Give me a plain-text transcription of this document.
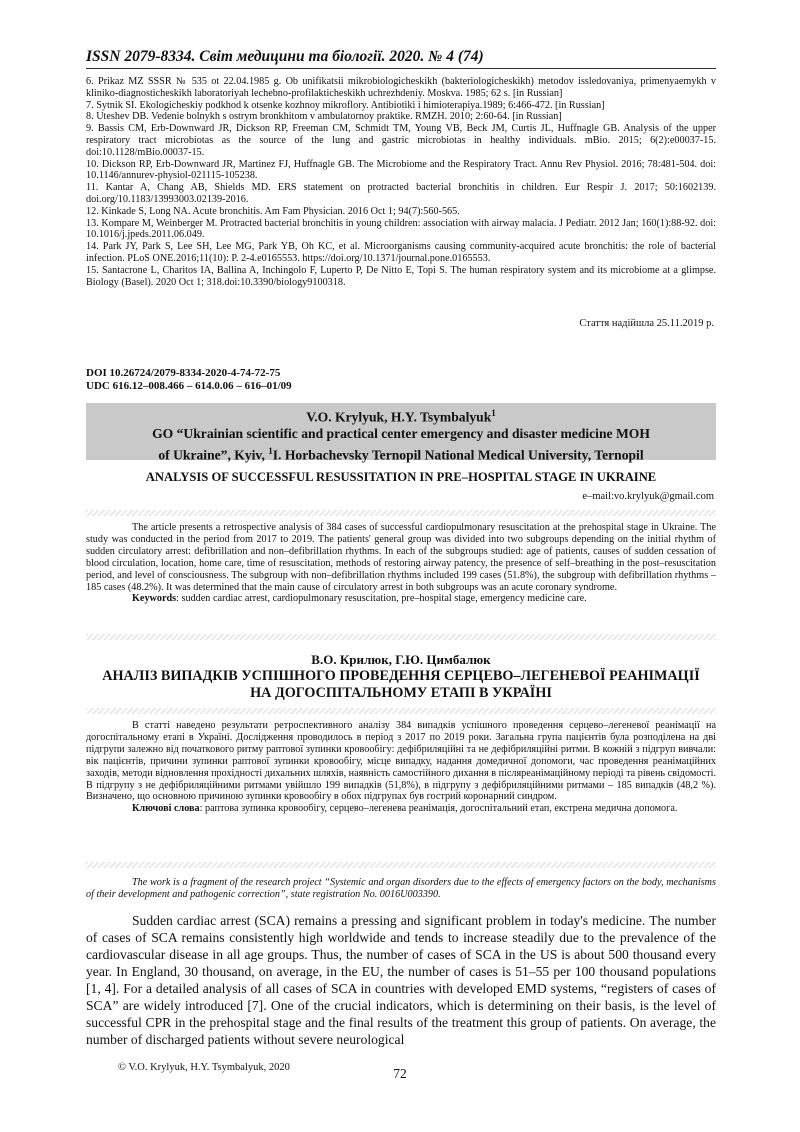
ISSN 2079-8334. Світ медицини та біології. 2020. № 4 (74)
6. Prikaz MZ SSSR № 535 ot 22.04.1985 g. Ob unifikatsii mikrobiologicheskikh (bakteriologicheskikh) metodov issledovaniya, primenyaemykh v kliniko-diagnosticheskikh laboratoriyah lechebno-profilakticheskikh uchrezhdeniy. Moskva. 1985; 62 s. [in Russian]
7. Sytnik SI. Ekologicheskiy podkhod k otsenke kozhnoy mikroflory. Antibiotiki i himioterapiya.1989; 6:466-472. [in Russian]
8. Uteshev DB. Vedenie bolnykh s ostrym bronkhitom v ambulatornoy praktike. RMZH. 2010; 2:60-64. [in Russian]
9. Bassis CM, Erb-Downward JR, Dickson RP, Freeman CM, Schmidt TM, Young VB, Beck JM, Curtis JL, Huffnagle GB. Analysis of the upper respiratory tract microbiotas as the source of the lung and gastric microbiotas in healthy individuals. mBio. 2015; 6(2):e00037-15. doi:10.1128/mBio.00037-15.
10. Dickson RP, Erb-Downward JR, Martinez FJ, Huffnagle GB. The Microbiome and the Respiratory Tract. Annu Rev Physiol. 2016; 78:481-504. doi: 10.1146/annurev-physiol-021115-105238.
11. Kantar A, Chang AB, Shields MD. ERS statement on protracted bacterial bronchitis in children. Eur Respir J. 2017; 50:1602139. doi.org/10.1183/13993003.02139-2016.
12. Kinkade S, Long NA. Acute bronchitis. Am Fam Physician. 2016 Oct 1; 94(7):560-565.
13. Kompare M, Weinberger M. Protracted bacterial bronchitis in young children: association with airway malacia. J Pediatr. 2012 Jan; 160(1):88-92. doi: 10.1016/j.jpeds.2011.06.049.
14. Park JY, Park S, Lee SH, Lee MG, Park YB, Oh KC, et al. Microorganisms causing community-acquired acute bronchitis: the role of bacterial infection. PLoS ONE.2016;11(10): P. 2-4.e0165553. https://doi.org/10.1371/journal.pone.0165553.
15. Santacrone L, Charitos IA, Ballina A, Inchingolo F, Luperto P, De Nitto E, Topi S. The human respiratory system and its microbiome at a glimpse. Biology (Basel). 2020 Oct 1; 318.doi:10.3390/biology9100318.
Стаття надійшла 25.11.2019 р.
DOI 10.26724/2079-8334-2020-4-74-72-75
UDC 616.12–008.466 – 614.0.06 – 616–01/09
V.O. Krylyuk, H.Y. Tsymbalyuk$^1$
GO “Ukrainian scientific and practical center emergency and disaster medicine MOH
of Ukraine”, Kyiv, $^1$I. Horbachevsky Ternopil National Medical University, Ternopil
ANALYSIS OF SUCCESSFUL RESUSSITATION IN PRE–HOSPITAL STAGE IN UKRAINE
e–mail:vo.krylyuk@gmail.com
The article presents a retrospective analysis of 384 cases of successful cardiopulmonary resuscitation at the prehospital stage in Ukraine. The study was conducted in the period from 2017 to 2019. The patients' general group was divided into two subgroups depending on the initial rhythm of sudden circulatory arrest: defibrillation and non–defibrillation rhythms. In each of the subgroups studied: age of patients, causes of sudden cessation of blood circulation, location, home care, time of resuscitation, methods of restoring airway patency, the presence of self–breathing in the post–resuscitation period, and level of consciousness. The subgroup with non–defibrillation rhythms included 199 cases (51.8%), the subgroup with defibrillation rhythms – 185 cases (48.2%). It was determined that the main cause of circulatory arrest in both subgroups was an acute coronary syndrome.
Keywords: sudden cardiac arrest, cardiopulmonary resuscitation, pre–hospital stage, emergency medicine care.
В.О. Крилюк, Г.Ю. Цимбалюк
АНАЛІЗ ВИПАДКІВ УСПІШНОГО ПРОВЕДЕННЯ СЕРЦЕВО–ЛЕГЕНЕВОЇ РЕАНІМАЦІЇ
НА ДОГОСПІТАЛЬНОМУ ЕТАПІ В УКРАЇНІ
В статті наведено результати ретроспективного аналізу 384 випадків успішного проведення серцево–легеневої реанімації на догоспітальному етапі в Україні. Дослідження проводилось в період з 2017 по 2019 роки. Загальна група пацієнтів була розподілена на дві підгрупи залежно від початкового ритму раптової зупинки кровообігу: дефібриляційні та не дефібриляційні ритми. В кожній з підгруп вивчали: вік пацієнтів, причини зупинки раптової зупинки кровообігу, місце випадку, надання домедичної допомоги, час проведення реанімаційних заходів, методи відновлення прохідності дихальних шляхів, наявність самостійного дихання в післяреанімаційному періоді та рівень свідомості. В підгрупу з не дефібриляційними ритмами увійшло 199 випадків (51,8%), в підгрупу з дефібриляційними ритмами – 185 випадків (48,2 %). Визначено, що основною причиною зупинки кровообігу в обох підгрупах був гострий коронарний синдром.
Ключові слова: раптова зупинка кровообігу, серцево–легенева реанімація, догоспітальний етап, екстрена медична допомога.
The work is a fragment of the research project “Systemic and organ disorders due to the effects of emergency factors on the body, mechanisms of their development and pathogenic correction”, state registration No. 0016U003390.

Sudden cardiac arrest (SCA) remains a pressing and significant problem in today's medicine. The number of cases of SCA remains consistently high worldwide and tends to increase steadily due to the prevalence of the cardiovascular disease in all age groups. Thus, the number of cases of SCA in the US is about 500 thousand every year. In England, 30 thousand, on average, in the EU, the number of cases is 51–55 per 100 thousand populations [1, 4]. For a detailed analysis of all cases of SCA in countries with developed EMD systems, “registers of cases of SCA” are widely introduced [7]. One of the crucial indicators, which is determining on their basis, is the level of successful CPR in the prehospital stage and the final results of the treatment this group of patients. On average, the number of discharged patients without severe neurological

© V.O. Krylyuk, H.Y. Tsymbalyuk, 2020	72
